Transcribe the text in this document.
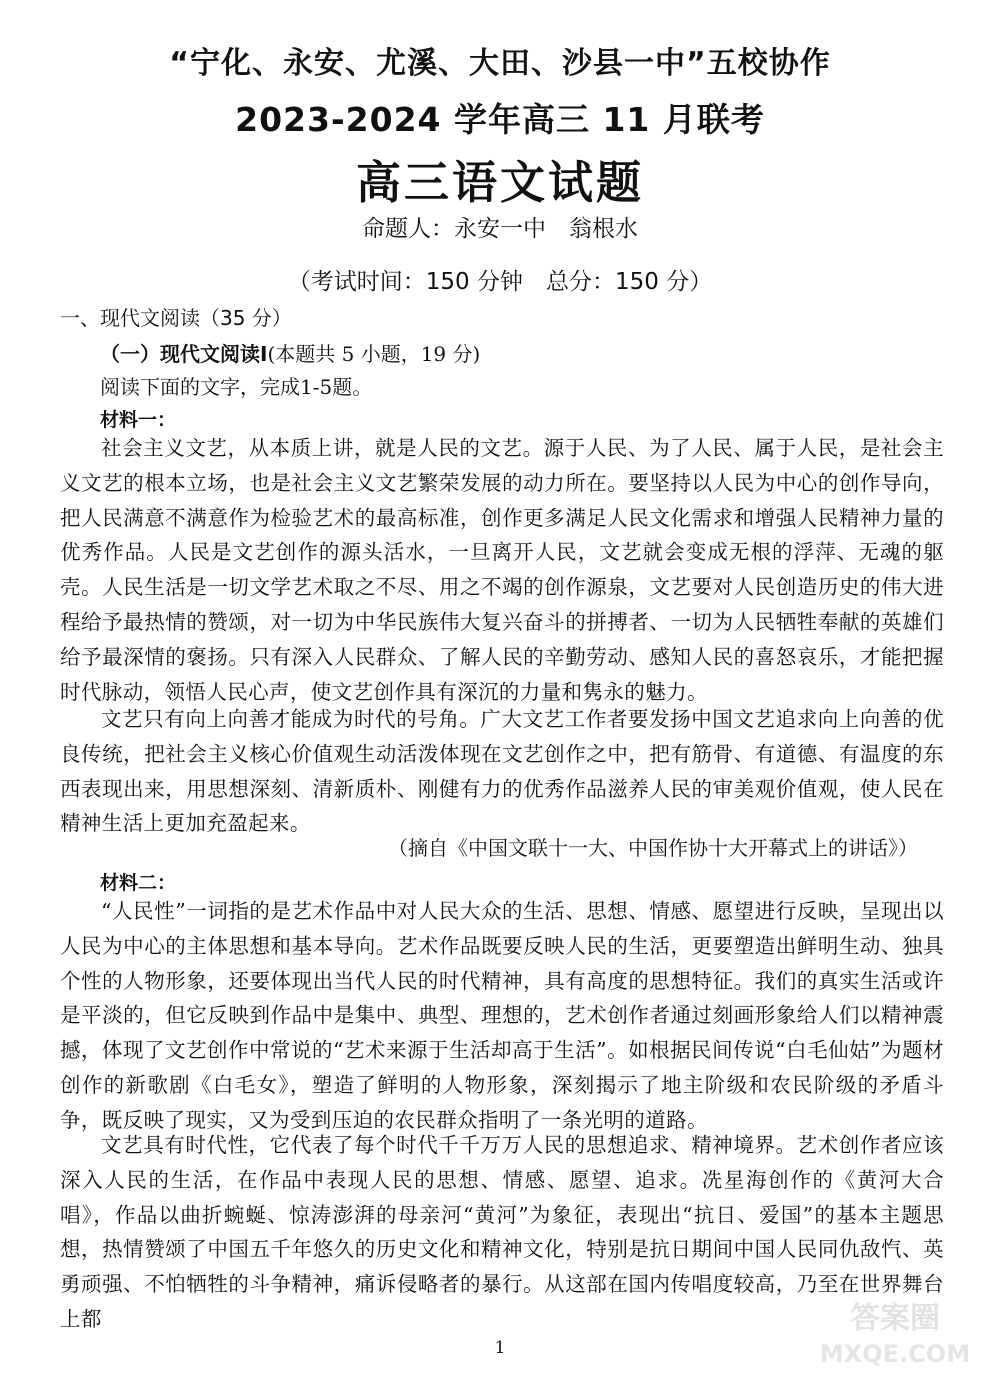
“宁化、永安、尤溪、大田、沙县一中”五校协作
2023-2024 学年高三 11 月联考
高三语文试题
命题人：永安一中　翁根水
（考试时间：150 分钟　总分：150 分）
一、现代文阅读（35 分）
（一）现代文阅读Ⅰ(本题共 5 小题，19 分)
阅读下面的文字，完成1-5题。
材料一：
社会主义文艺，从本质上讲，就是人民的文艺。源于人民、为了人民、属于人民，是社会主义文艺的根本立场，也是社会主义文艺繁荣发展的动力所在。要坚持以人民为中心的创作导向，把人民满意不满意作为检验艺术的最高标准，创作更多满足人民文化需求和增强人民精神力量的优秀作品。人民是文艺创作的源头活水，一旦离开人民，文艺就会变成无根的浮萍、无魂的躯壳。人民生活是一切文学艺术取之不尽、用之不竭的创作源泉，文艺要对人民创造历史的伟大进程给予最热情的赞颂，对一切为中华民族伟大复兴奋斗的拼搏者、一切为人民牺牲奉献的英雄们给予最深情的褒扬。只有深入人民群众、了解人民的辛勤劳动、感知人民的喜怒哀乐，才能把握时代脉动，领悟人民心声，使文艺创作具有深沉的力量和隽永的魅力。
文艺只有向上向善才能成为时代的号角。广大文艺工作者要发扬中国文艺追求向上向善的优良传统，把社会主义核心价值观生动活泼体现在文艺创作之中，把有筋骨、有道德、有温度的东西表现出来，用思想深刻、清新质朴、刚健有力的优秀作品滋养人民的审美观价值观，使人民在精神生活上更加充盈起来。
（摘自《中国文联十一大、中国作协十大开幕式上的讲话》）
材料二：
“人民性”一词指的是艺术作品中对人民大众的生活、思想、情感、愿望进行反映，呈现出以人民为中心的主体思想和基本导向。艺术作品既要反映人民的生活，更要塑造出鲜明生动、独具个性的人物形象，还要体现出当代人民的时代精神，具有高度的思想特征。我们的真实生活或许是平淡的，但它反映到作品中是集中、典型、理想的，艺术创作者通过刻画形象给人们以精神震撼，体现了文艺创作中常说的“艺术来源于生活却高于生活”。如根据民间传说“白毛仙姑”为题材创作的新歌剧《白毛女》，塑造了鲜明的人物形象，深刻揭示了地主阶级和农民阶级的矛盾斗争，既反映了现实，又为受到压迫的农民群众指明了一条光明的道路。
文艺具有时代性，它代表了每个时代千千万万人民的思想追求、精神境界。艺术创作者应该深入人民的生活，在作品中表现人民的思想、情感、愿望、追求。冼星海创作的《黄河大合唱》，作品以曲折蜿蜒、惊涛澎湃的母亲河“黄河”为象征，表现出“抗日、爱国”的基本主题思想，热情赞颂了中国五千年悠久的历史文化和精神文化，特别是抗日期间中国人民同仇敌忾、英勇顽强、不怕牺牲的斗争精神，痛诉侵略者的暴行。从这部在国内传唱度较高，乃至在世界舞台上都
1
答案圈
MXQE.COM
